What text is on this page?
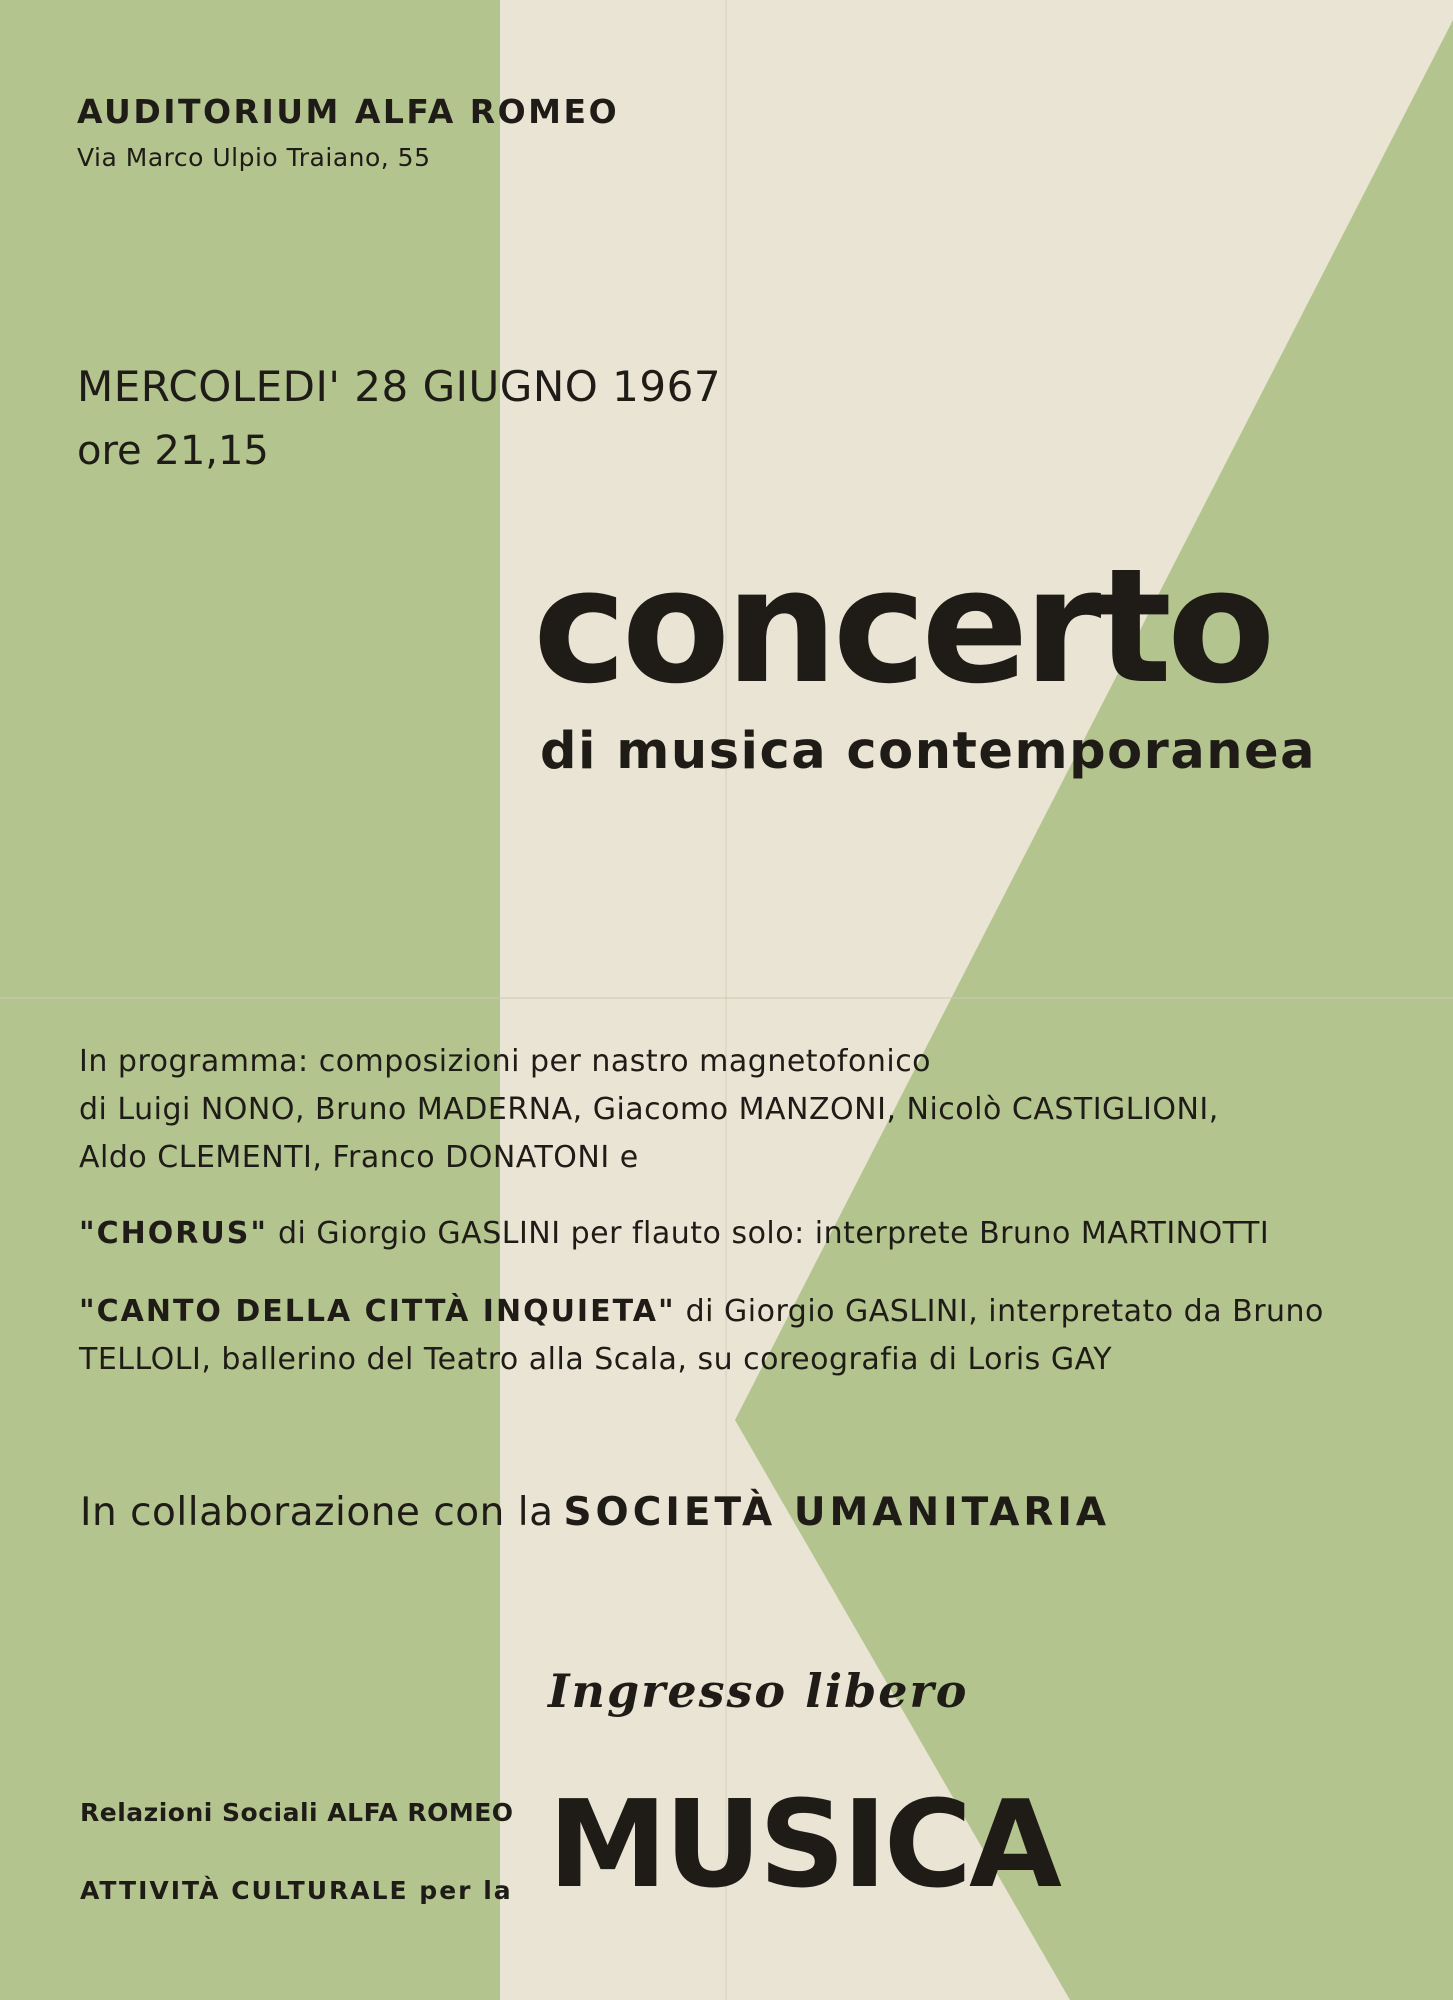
AUDITORIUM ALFA ROMEO

Via Marco Ulpio Traiano, 55

MERCOLEDI' 28 GIUGNO 1967

ore 21,15

concerto

di musica contemporanea

In programma: composizioni per nastro magnetofonico

di Luigi NONO, Bruno MADERNA, Giacomo MANZONI, Nicolò CASTIGLIONI,

Aldo CLEMENTI, Franco DONATONI e

"CHORUS" di Giorgio GASLINI per flauto solo: interprete Bruno MARTINOTTI

"CANTO DELLA CITTÀ INQUIETA" di Giorgio GASLINI, interpretato da Bruno

TELLOLI, ballerino del Teatro alla Scala, su coreografia di Loris GAY

In collaborazione con la SOCIETÀ UMANITARIA

Ingresso libero

Relazioni Sociali ALFA ROMEO

ATTIVITÀ CULTURALE per la MUSICA
